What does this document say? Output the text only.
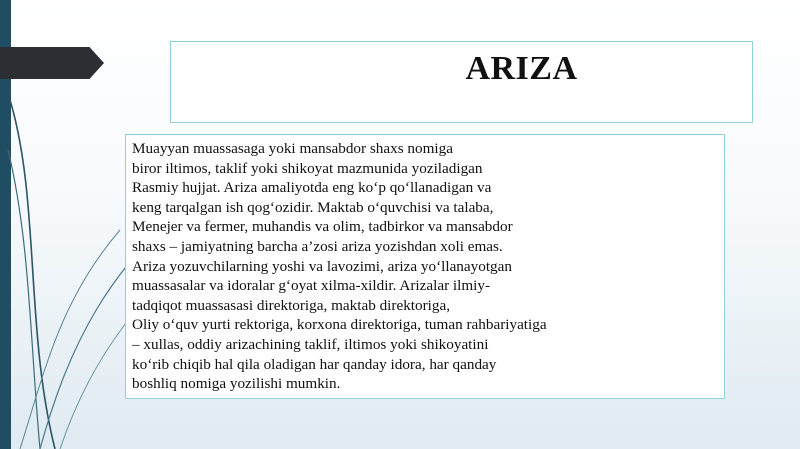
ARIZA
Muayyan muassasaga yoki mansabdor shaxs nomiga
biror iltimos, taklif yoki shikoyat mazmunida yoziladigan
Rasmiy hujjat. Ariza amaliyotda eng ko‘p qo‘llanadigan va
keng tarqalgan ish qog‘ozidir. Maktab o‘quvchisi va talaba,
Menejer va fermer, muhandis va olim, tadbirkor va mansabdor
shaxs – jamiyatning barcha a’zosi ariza yozishdan xoli emas.
Ariza yozuvchilarning yoshi va lavozimi, ariza yo‘llanayotgan
muassasalar va idoralar g‘oyat xilma-xildir. Arizalar ilmiy-
tadqiqot muassasasi direktoriga, maktab direktoriga,
Oliy o‘quv yurti rektoriga, korxona direktoriga, tuman rahbariyatiga
– xullas, oddiy arizachining taklif, iltimos yoki shikoyatini
ko‘rib chiqib hal qila oladigan har qanday idora, har qanday
boshliq nomiga yozilishi mumkin.
